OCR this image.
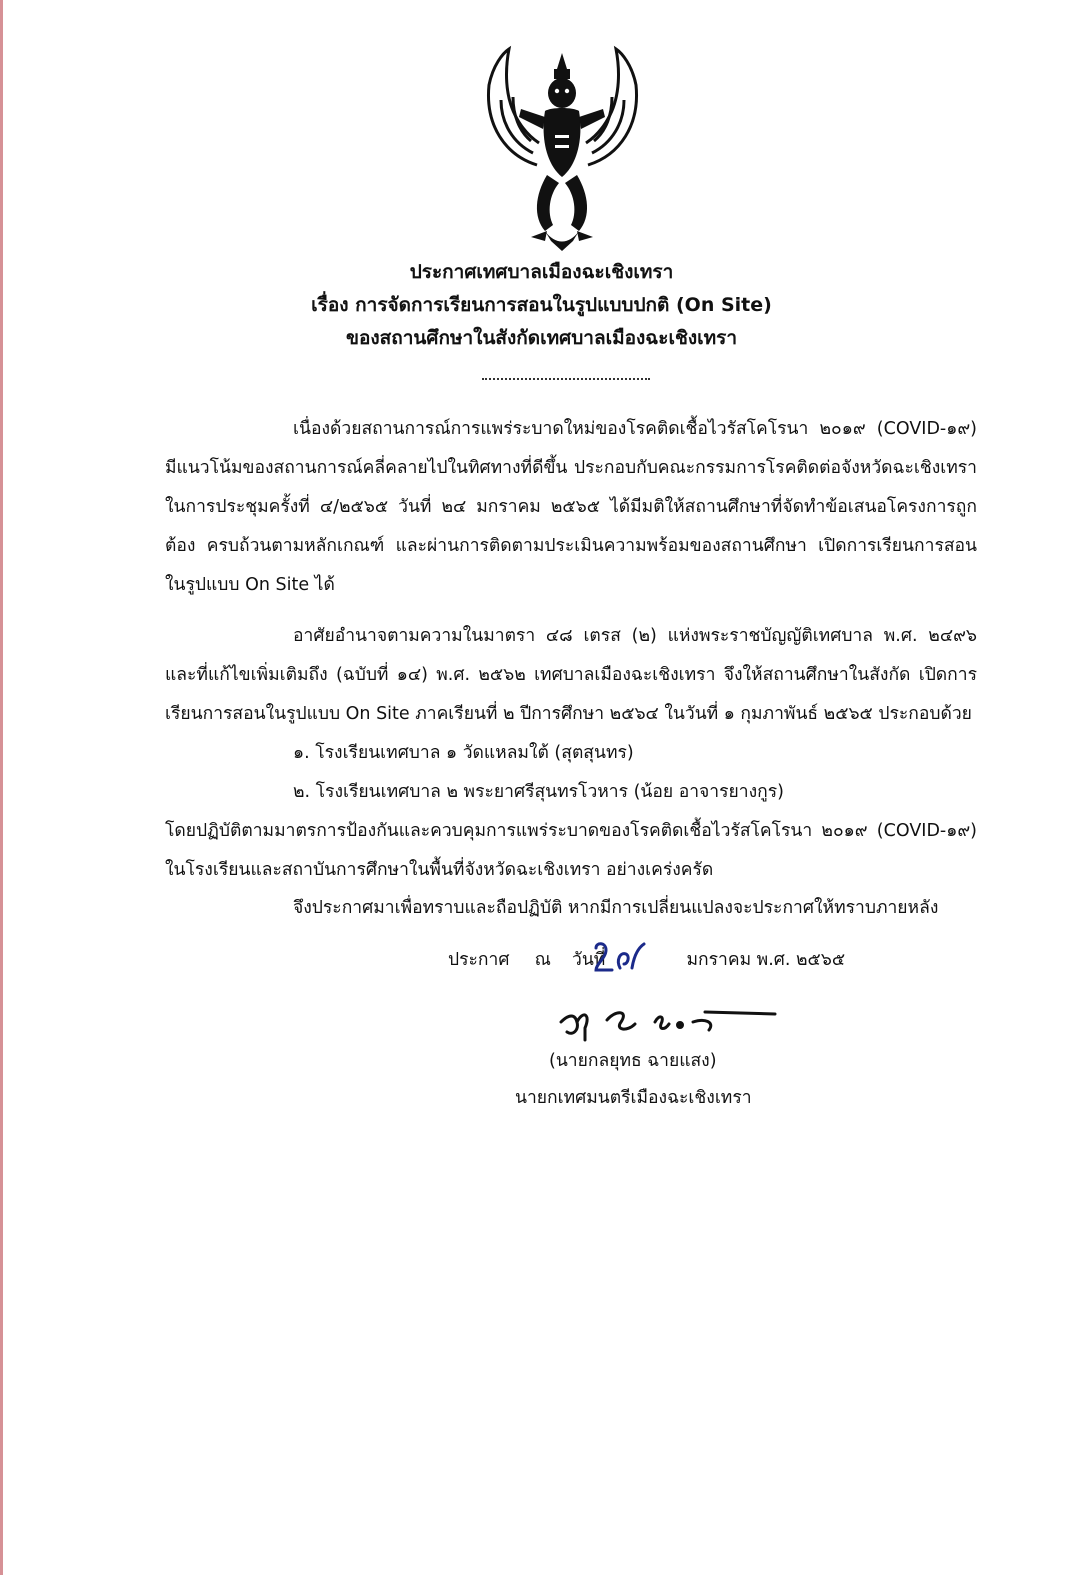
ประกาศเทศบาลเมืองฉะเชิงเทรา
เรื่อง การจัดการเรียนการสอนในรูปแบบปกติ (On Site)
ของสถานศึกษาในสังกัดเทศบาลเมืองฉะเชิงเทรา

เนื่องด้วยสถานการณ์การแพร่ระบาดใหม่ของโรคติดเชื้อไวรัสโคโรนา ๒๐๑๙ (COVID-๑๙) มีแนวโน้มของสถานการณ์คลี่คลายไปในทิศทางที่ดีขึ้น ประกอบกับคณะกรรมการโรคติดต่อจังหวัดฉะเชิงเทรา ในการประชุมครั้งที่ ๔/๒๕๖๕ วันที่ ๒๔ มกราคม ๒๕๖๕ ได้มีมติให้สถานศึกษาที่จัดทำข้อเสนอโครงการถูกต้อง ครบถ้วนตามหลักเกณฑ์ และผ่านการติดตามประเมินความพร้อมของสถานศึกษา เปิดการเรียนการสอนในรูปแบบ On Site ได้

อาศัยอำนาจตามความในมาตรา ๔๘ เตรส (๒) แห่งพระราชบัญญัติเทศบาล พ.ศ. ๒๔๙๖ และที่แก้ไขเพิ่มเติมถึง (ฉบับที่ ๑๔) พ.ศ. ๒๕๖๒ เทศบาลเมืองฉะเชิงเทรา จึงให้สถานศึกษาในสังกัด เปิดการเรียนการสอนในรูปแบบ On Site ภาคเรียนที่ ๒ ปีการศึกษา ๒๕๖๔ ในวันที่ ๑ กุมภาพันธ์ ๒๕๖๕ ประกอบด้วย

๑. โรงเรียนเทศบาล ๑ วัดแหลมใต้ (สุตสุนทร)

๒. โรงเรียนเทศบาล ๒ พระยาศรีสุนทรโวหาร (น้อย อาจารยางกูร)

โดยปฏิบัติตามมาตรการป้องกันและควบคุมการแพร่ระบาดของโรคติดเชื้อไวรัสโคโรนา ๒๐๑๙ (COVID-๑๙) ในโรงเรียนและสถาบันการศึกษาในพื้นที่จังหวัดฉะเชิงเทรา อย่างเคร่งครัด

จึงประกาศมาเพื่อทราบและถือปฏิบัติ หากมีการเปลี่ยนแปลงจะประกาศให้ทราบภายหลัง
ประกาศ ณ วันที่	มกราคม พ.ศ. ๒๕๖๕
(นายกลยุทธ ฉายแสง)
นายกเทศมนตรีเมืองฉะเชิงเทรา
